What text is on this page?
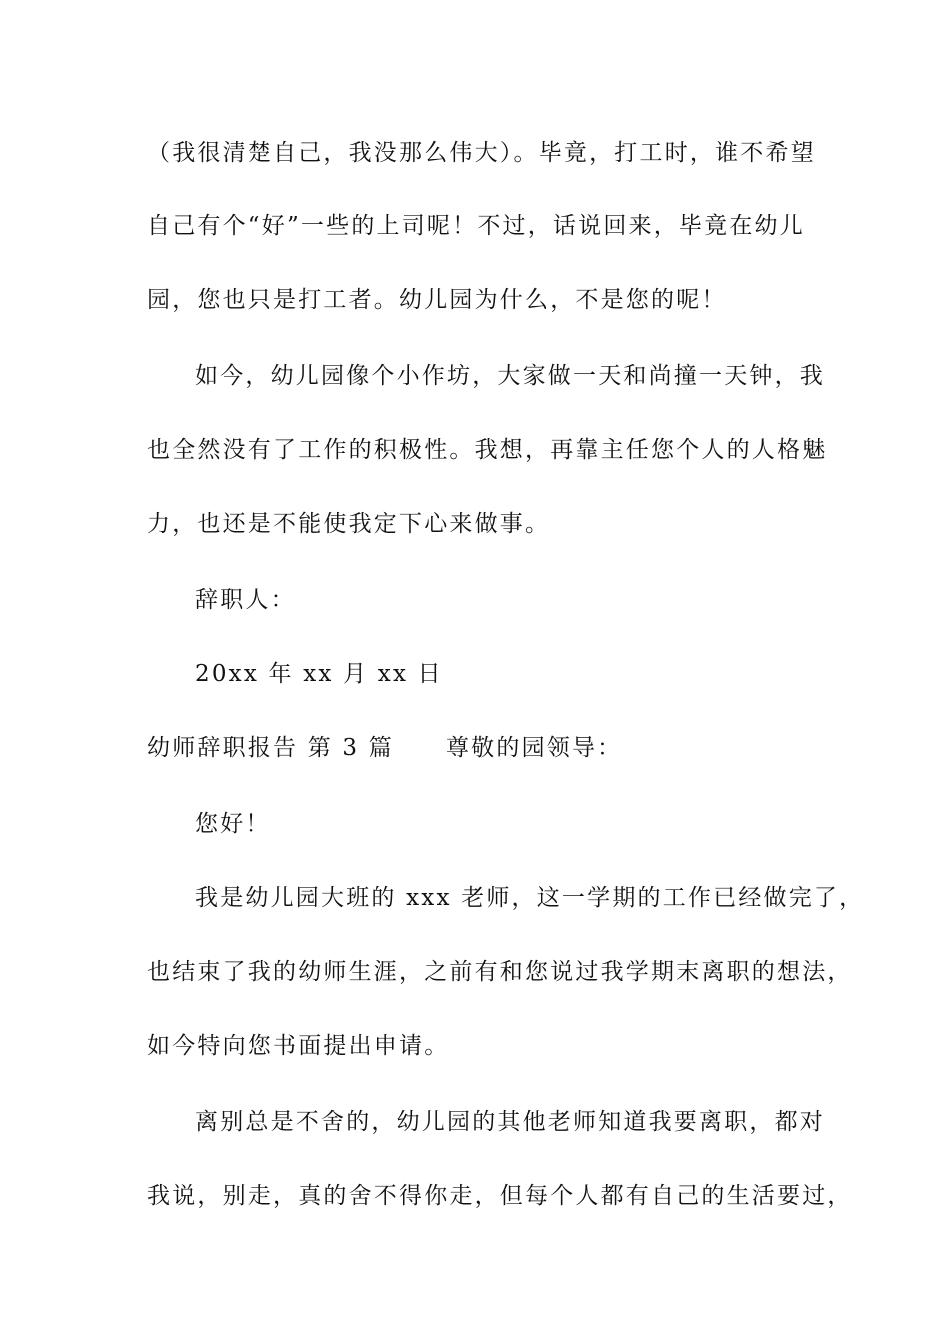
（我很清楚自己，我没那么伟大）。毕竟，打工时，谁不希望
自己有个“好”一些的上司呢！不过，话说回来，毕竟在幼儿
园，您也只是打工者。幼儿园为什么，不是您的呢！
如今，幼儿园像个小作坊，大家做一天和尚撞一天钟，我
也全然没有了工作的积极性。我想，再靠主任您个人的人格魅
力，也还是不能使我定下心来做事。
辞职人：
20xx 年 xx 月 xx 日
幼师辞职报告 第 3 篇 尊敬的园领导：
您好！
我是幼儿园大班的 xxx 老师，这一学期的工作已经做完了，
也结束了我的幼师生涯，之前有和您说过我学期末离职的想法，
如今特向您书面提出申请。
离别总是不舍的，幼儿园的其他老师知道我要离职，都对
我说，别走，真的舍不得你走，但每个人都有自己的生活要过，
